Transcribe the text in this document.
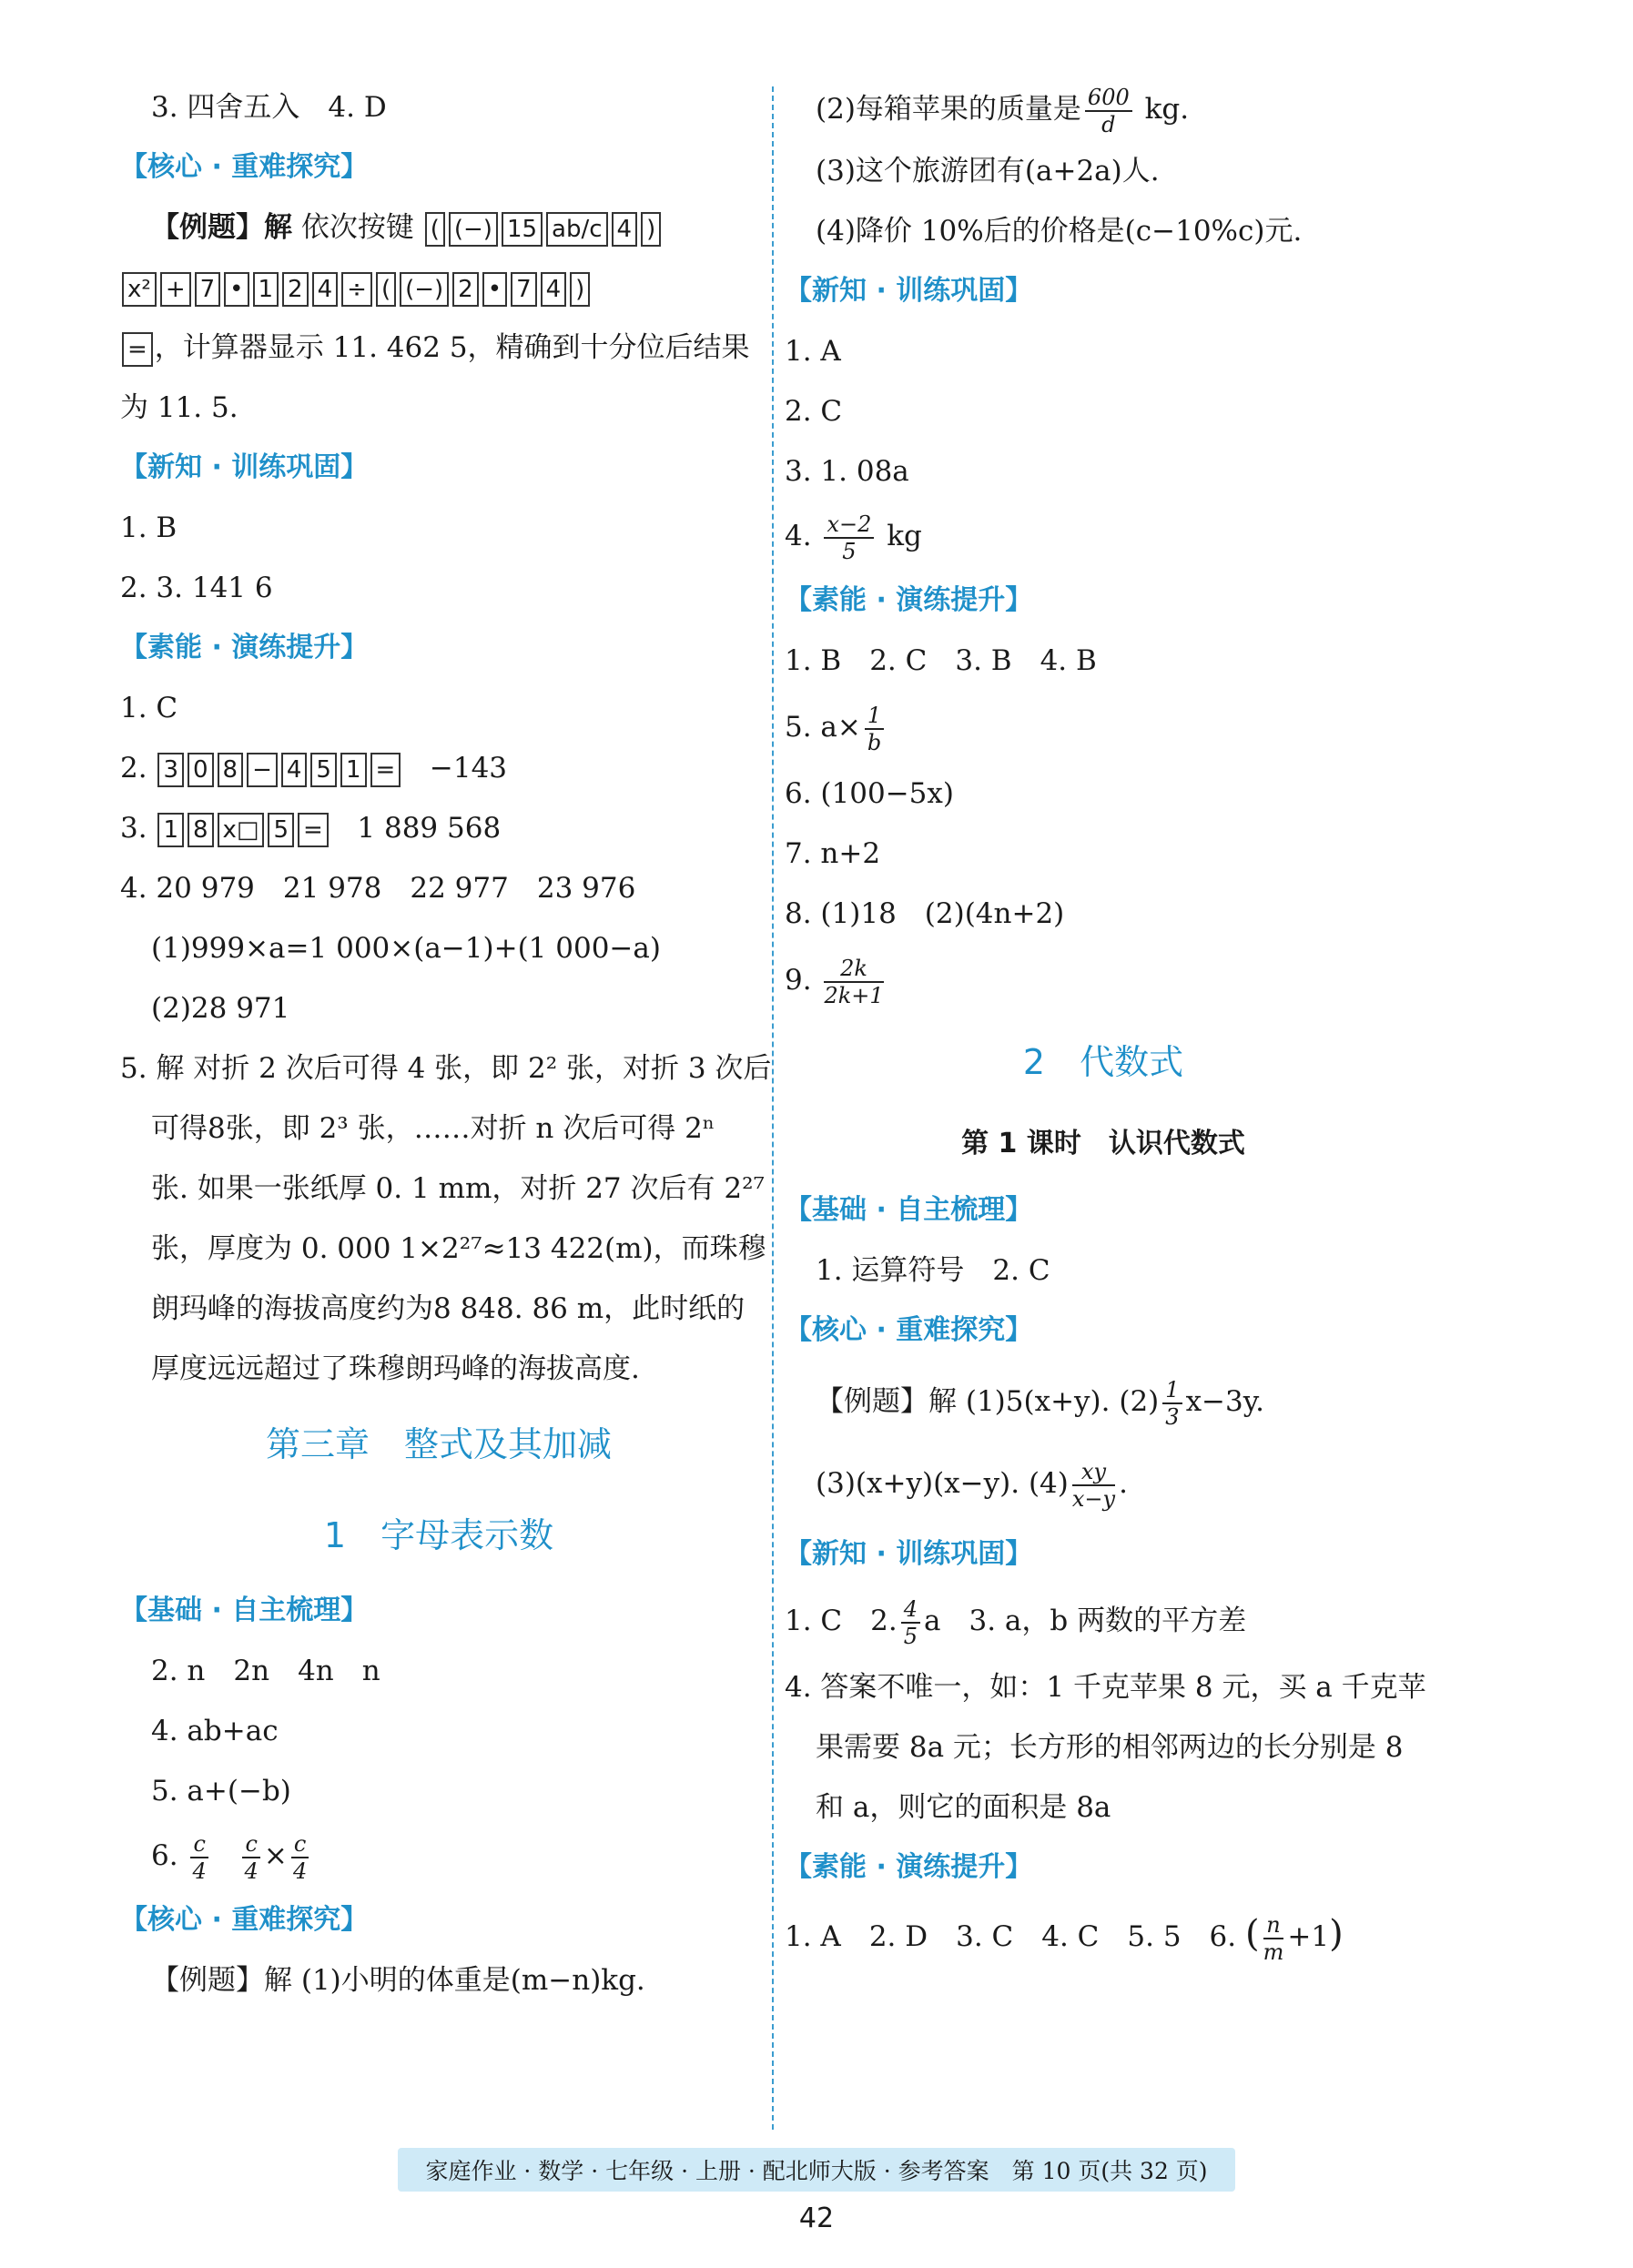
3. 四舍五入　4. D
【核心 · 重难探究】
【例题】解 依次按键 ( (−) 15 ab/c 4 )
x² + 7 • 1 2 4 ÷ ( (−) 2 • 7 4 )
= ，计算器显示 11. 462 5，精确到十分位后结果
为 11. 5.
【新知 · 训练巩固】
1. B
2. 3. 141 6
【素能 · 演练提升】
1. C
2. 3 0 8 − 4 5 1 = −143
3. 1 8 x□ 5 = 1 889 568
4. 20 979　21 978　22 977　23 976
(1)999×a=1 000×(a−1)+(1 000−a)
(2)28 971
5. 解 对折 2 次后可得 4 张，即 2² 张，对折 3 次后
可得8张，即 2³ 张，……对折 n 次后可得 2ⁿ
张. 如果一张纸厚 0. 1 mm，对折 27 次后有 2²⁷
张，厚度为 0. 000 1×2²⁷≈13 422(m)，而珠穆
朗玛峰的海拔高度约为8 848. 86 m，此时纸的
厚度远远超过了珠穆朗玛峰的海拔高度.
第三章　整式及其加减
1　字母表示数
【基础 · 自主梳理】
2. n　2n　4n　n
4. ab+ac
5. a+(−b)
6. $\frac{c}{4}$
$\frac{c}{4} \times \frac{c}{4}$
【核心 · 重难探究】
【例题】解 (1)小明的体重是(m−n)kg.
(2)每箱苹果的质量是 $\frac{600}{d}$ kg.
(3)这个旅游团有(a+2a)人.
(4)降价 10%后的价格是(c−10%c)元.
【新知 · 训练巩固】
1. A
2. C
3. 1. 08a
4. $\frac{x-2}{5}$ kg
【素能 · 演练提升】
1. B　2. C　3. B　4. B
5. $a\times \frac{1}{b}$
6. (100−5x)
7. n+2
8. (1)18　(2)(4n+2)
9. $\frac{2k}{2k+1}$
2　代数式
第 1 课时　认识代数式
【基础 · 自主梳理】
1. 运算符号　2. C
【核心 · 重难探究】
【例题】解 (1)5(x+y). $(2) \frac{1}{3} x-3y$.
(3)(x+y)(x−y). $(4) \frac{xy}{x-y}$ .
【新知 · 训练巩固】
1. C　2. $\frac{4}{5}$ a　3. a，b 两数的平方差
4. 答案不唯一，如：1 千克苹果 8 元，买 a 千克苹
果需要 8a 元；长方形的相邻两边的长分别是 8
和 a，则它的面积是 8a
【素能 · 演练提升】
1. A　2. D　3. C　4. C　5. 5　6. ( $\frac{n}{m} +1$)
家庭作业 · 数学 · 七年级 · 上册 · 配北师大版 · 参考答案　第 10 页(共 32 页)
42
